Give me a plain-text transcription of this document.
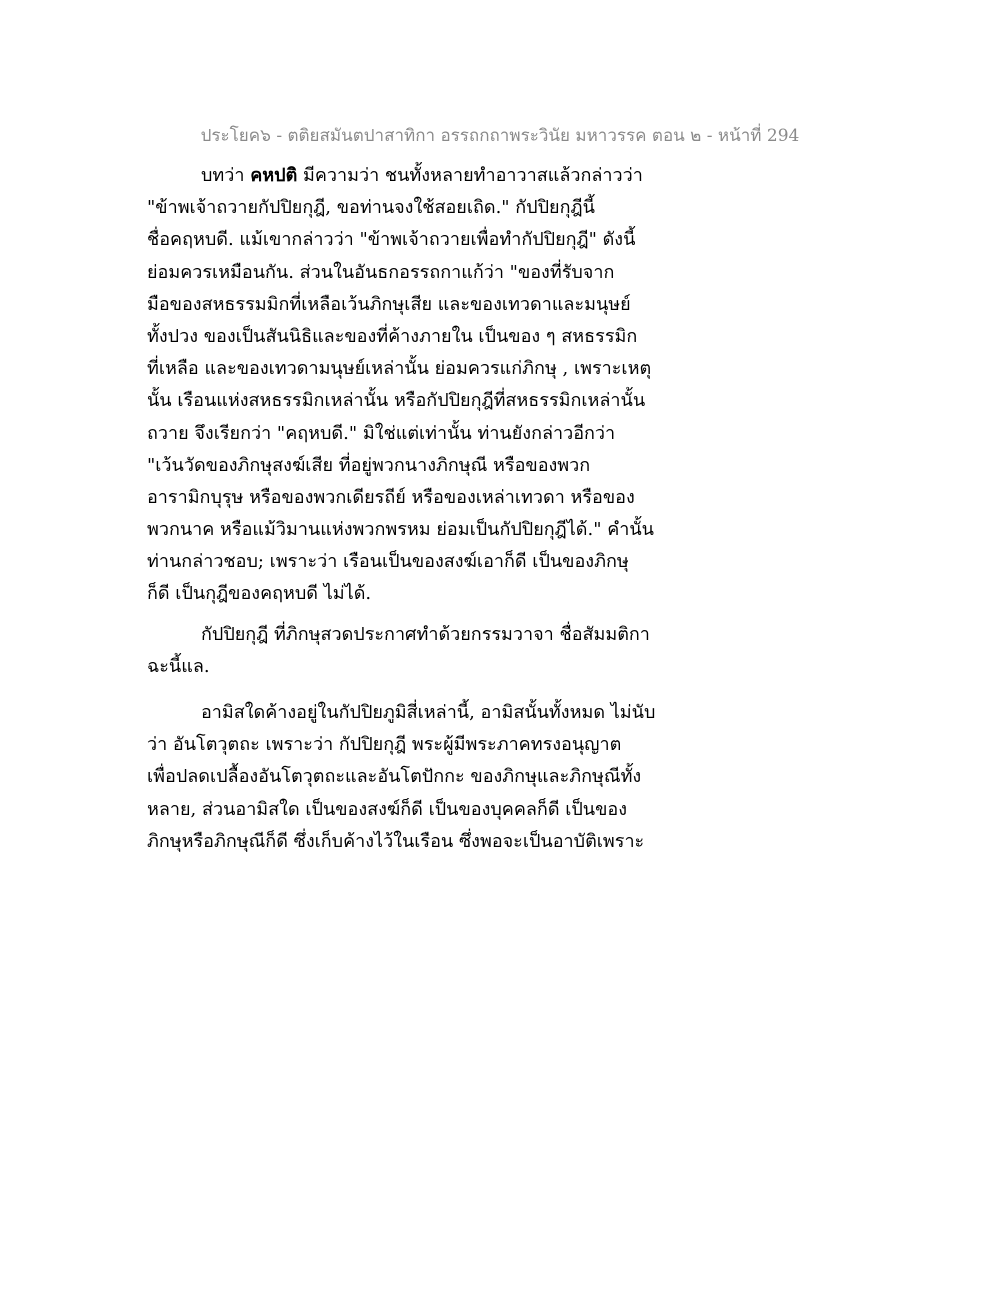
ประโยค๖ - ตติยสมันตปาสาทิกา อรรถกถาพระวินัย มหาวรรค ตอน ๒ - หน้าที่ 294
บทว่า คหปติ มีความว่า ชนทั้งหลายทำอาวาสแล้วกล่าวว่า
"ข้าพเจ้าถวายกัปปิยกุฎี, ขอท่านจงใช้สอยเถิด." กัปปิยกุฎีนี้
ชื่อคฤหบดี. แม้เขากล่าวว่า "ข้าพเจ้าถวายเพื่อทำกัปปิยกุฎี" ดังนี้
ย่อมควรเหมือนกัน. ส่วนในอันธกอรรถกาแก้ว่า "ของที่รับจาก
มือของสหธรรมมิกที่เหลือเว้นภิกษุเสีย และของเทวดาและมนุษย์
ทั้งปวง ของเป็นสันนิธิและของที่ค้างภายใน เป็นของ ๆ สหธรรมิก
ที่เหลือ และของเทวดามนุษย์เหล่านั้น ย่อมควรแก่ภิกษุ , เพราะเหตุ
นั้น เรือนแห่งสหธรรมิกเหล่านั้น หรือกัปปิยกุฎีที่สหธรรมิกเหล่านั้น
ถวาย จึงเรียกว่า "คฤหบดี." มิใช่แต่เท่านั้น ท่านยังกล่าวอีกว่า
"เว้นวัดของภิกษุสงฆ์เสีย ที่อยู่พวกนางภิกษุณี หรือของพวก
อารามิกบุรุษ หรือของพวกเดียรถีย์ หรือของเหล่าเทวดา หรือของ
พวกนาค หรือแม้วิมานแห่งพวกพรหม ย่อมเป็นกัปปิยกุฎีได้." คำนั้น
ท่านกล่าวชอบ; เพราะว่า เรือนเป็นของสงฆ์เอาก็ดี เป็นของภิกษุ
ก็ดี เป็นกุฎีของคฤหบดี ไม่ได้.
กัปปิยกุฎี ที่ภิกษุสวดประกาศทำด้วยกรรมวาจา ชื่อสัมมติกา
ฉะนี้แล.
อามิสใดค้างอยู่ในกัปปิยภูมิสี่เหล่านี้, อามิสนั้นทั้งหมด ไม่นับ
ว่า อันโตวุตถะ เพราะว่า กัปปิยกุฎี พระผู้มีพระภาคทรงอนุญาต
เพื่อปลดเปลื้องอันโตวุตถะและอันโตปักกะ ของภิกษุและภิกษุณีทั้ง
หลาย, ส่วนอามิสใด เป็นของสงฆ์ก็ดี เป็นของบุคคลก็ดี เป็นของ
ภิกษุหรือภิกษุณีก็ดี ซึ่งเก็บค้างไว้ในเรือน ซึ่งพอจะเป็นอาบัติเพราะ
